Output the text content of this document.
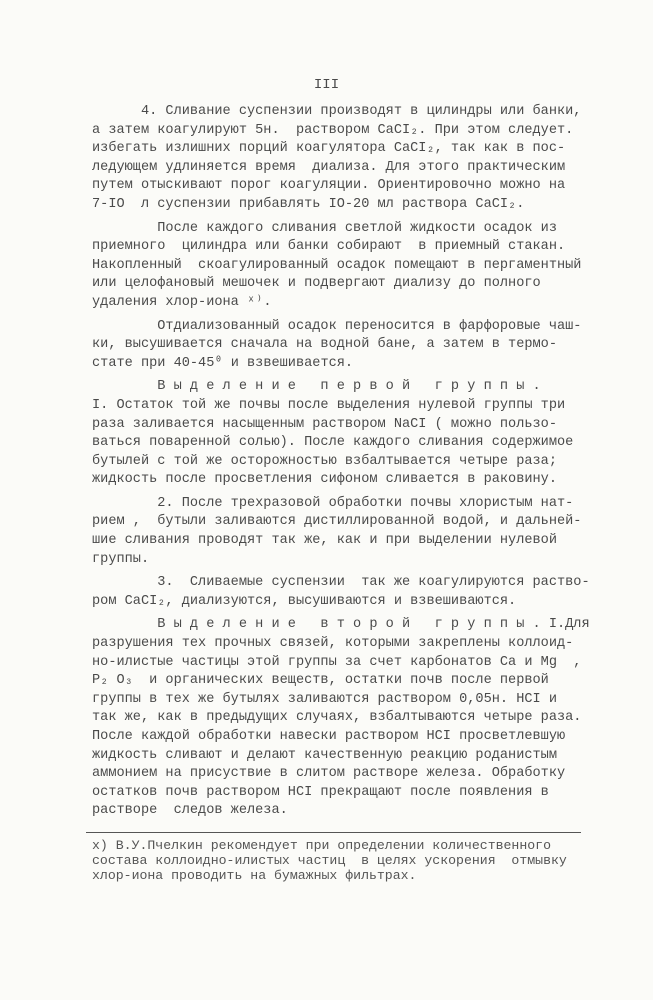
III
4. Сливание суспензии производят в цилиндры или банки,
а затем коагулируют 5н.  раствором CaCI₂. При этом следует.
избегать излишних порций коагулятора CaCI₂, так как в пос-
ледующем удлиняется время  диализа. Для этого практическим
путем отыскивают порог коагуляции. Ориентировочно можно на
7-IO  л суспензии прибавлять IO-20 мл раствора CaCI₂.
После каждого сливания светлой жидкости осадок из
приемного  цилиндра или банки собирают  в приемный стакан.
Накопленный  скоагулированный осадок помещают в пергаментный
или целофановый мешочек и подвергают диализу до полного
удаления хлор-иона ˣ⁾.
Отдиализованный осадок переносится в фарфоровые чаш-
ки, высушивается сначала на водной бане, а затем в термо-
стате при 40-45⁰ и взвешивается.
В ы д е л е н и е   п е р в о й   г р у п п ы .
I. Остаток той же почвы после выделения нулевой группы три
раза заливается насыщенным раствором NaCI ( можно пользо-
ваться поваренной солью). После каждого сливания содержимое
бутылей с той же осторожностью взбалтывается четыре раза;
жидкость после просветления сифоном сливается в раковину.
2. После трехразовой обработки почвы хлористым нат-
рием ,  бутыли заливаются дистиллированной водой, и дальней-
шие сливания проводят так же, как и при выделении нулевой
группы.
3.  Сливаемые суспензии  так же коагулируются раство-
ром CaCI₂, диализуются, высушиваются и взвешиваются.
В ы д е л е н и е   в т о р о й   г р у п п ы . I.Для
разрушения тех прочных связей, которыми закреплены коллоид-
но-илистые частицы этой группы за счет карбонатов Ca и Mg  ,
P₂ O₃  и органических веществ, остатки почв после первой
группы в тех же бутылях заливаются раствором 0,05н. HCI и
так же, как в предыдущих случаях, взбалтываются четыре раза.
После каждой обработки навески раствором HCI просветлевшую
жидкость сливают и делают качественную реакцию роданистым
аммонием на присуствие в слитом растворе железа. Обработку
остатков почв раствором HCI прекращают после появления в
растворе  следов железа.
x) В.У.Пчелкин рекомендует при определении количественного
состава коллоидно-илистых частиц  в целях ускорения  отмывку
хлор-иона проводить на бумажных фильтрах.
